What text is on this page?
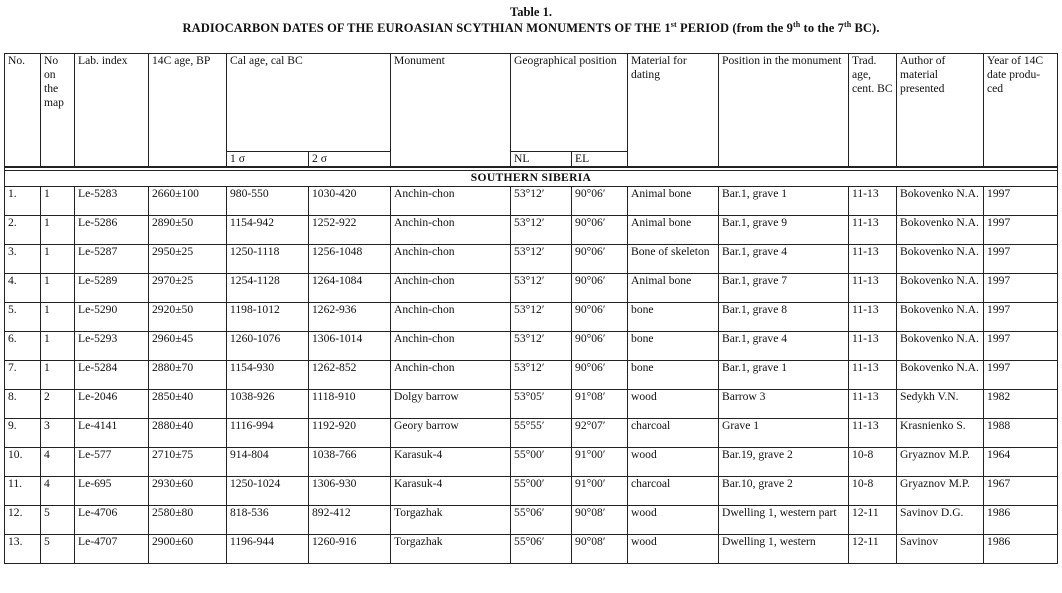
Table 1.
RADIOCARBON DATES OF THE EUROASIAN SCYTHIAN MONUMENTS OF THE 1st PERIOD (from the 9th to the 7th BC).
No.	No on the map	Lab. index	14C age, BP	Cal age, cal BC		Monument	Geographical position		Material for dating	Position in the monument	Trad. age, cent. BC	Author of material presented	Year of 14C date produ-ced
				1 σ	2 σ		NL	EL					

SOUTHERN SIBERIA													
1.	1	Le-5283	2660±100	980-550	1030-420	Anchin-chon	53°12′	90°06′	Animal bone	Bar.1, grave 1	11-13	Bokovenko N.A.	1997
2.	1	Le-5286	2890±50	1154-942	1252-922	Anchin-chon	53°12′	90°06′	Animal bone	Bar.1, grave 9	11-13	Bokovenko N.A.	1997
3.	1	Le-5287	2950±25	1250-1118	1256-1048	Anchin-chon	53°12′	90°06′	Bone of skeleton	Bar.1, grave 4	11-13	Bokovenko N.A.	1997
4.	1	Le-5289	2970±25	1254-1128	1264-1084	Anchin-chon	53°12′	90°06′	Animal bone	Bar.1, grave 7	11-13	Bokovenko N.A.	1997
5.	1	Le-5290	2920±50	1198-1012	1262-936	Anchin-chon	53°12′	90°06′	bone	Bar.1, grave 8	11-13	Bokovenko N.A.	1997
6.	1	Le-5293	2960±45	1260-1076	1306-1014	Anchin-chon	53°12′	90°06′	bone	Bar.1, grave 4	11-13	Bokovenko N.A.	1997
7.	1	Le-5284	2880±70	1154-930	1262-852	Anchin-chon	53°12′	90°06′	bone	Bar.1, grave 1	11-13	Bokovenko N.A.	1997
8.	2	Le-2046	2850±40	1038-926	1118-910	Dolgy barrow	53°05′	91°08′	wood	Barrow 3	11-13	Sedykh V.N.	1982
9.	3	Le-4141	2880±40	1116-994	1192-920	Geory barrow	55°55′	92°07′	charcoal	Grave 1	11-13	Krasnienko S.	1988
10.	4	Le-577	2710±75	914-804	1038-766	Karasuk-4	55°00′	91°00′	wood	Bar.19, grave 2	10-8	Gryaznov M.P.	1964
11.	4	Le-695	2930±60	1250-1024	1306-930	Karasuk-4	55°00′	91°00′	charcoal	Bar.10, grave 2	10-8	Gryaznov M.P.	1967
12.	5	Le-4706	2580±80	818-536	892-412	Torgazhak	55°06′	90°08′	wood	Dwelling 1, western part	12-11	Savinov D.G.	1986
13.	5	Le-4707	2900±60	1196-944	1260-916	Torgazhak	55°06′	90°08′	wood	Dwelling 1, western	12-11	Savinov	1986
